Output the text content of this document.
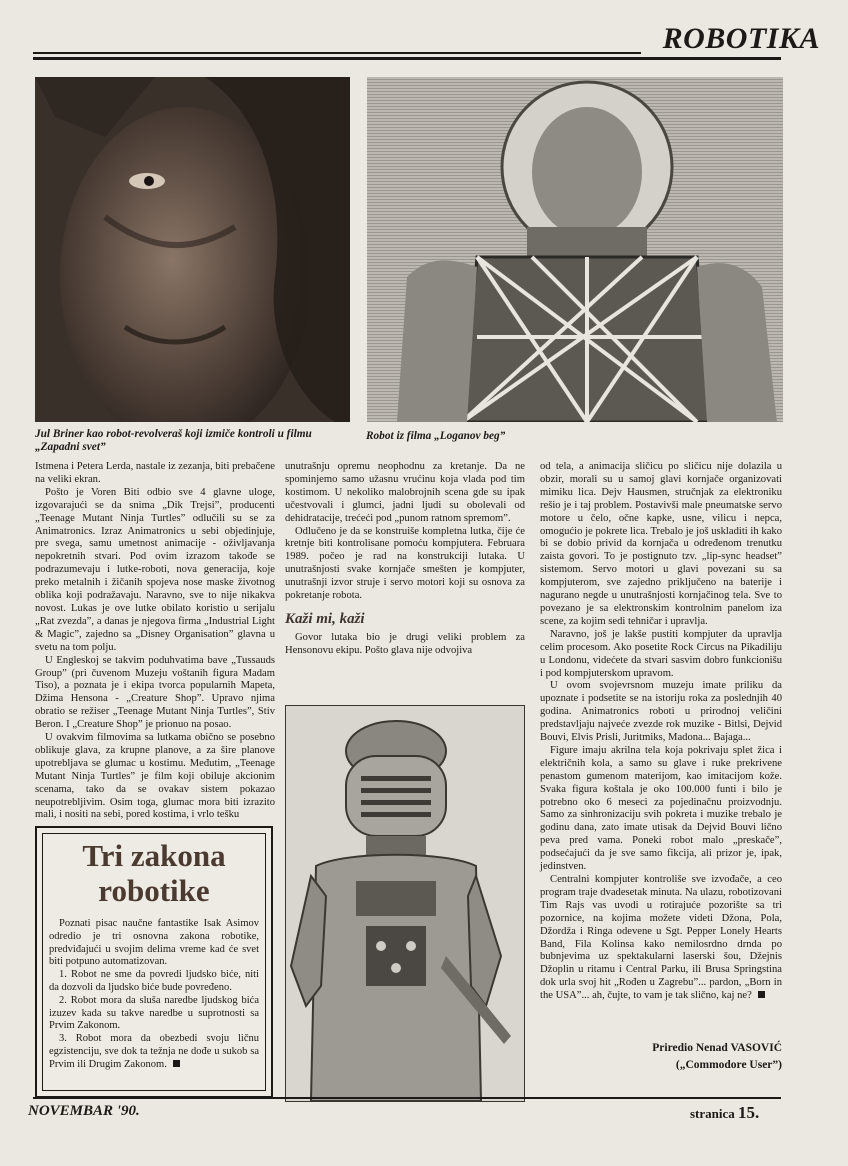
ROBOTIKA
Jul Briner kao robot-revolveraš koji izmiče kontroli u filmu „Zapadni svet”
Robot iz filma „Loganov beg”

Istmena i Petera Lerda, nastale iz zezanja, biti prebačene na veliki ekran.

Pošto je Voren Biti odbio sve 4 glavne uloge, izgovarajući se da snima „Dik Trejsi”, producenti „Teenage Mutant Ninja Turtles” odlučili su se za Animatronics. Izraz Animatronics u sebi objedinjuje, pre svega, samu umetnost animacije - oživljavanja nepokretnih stvari. Pod ovim izrazom takođe se podrazumevaju i lutke-roboti, nova generacija, koje preko metalnih i žičanih spojeva nose maske životnog oblika koji podražavaju. Naravno, sve to nije nikakva novost. Lukas je ove lutke obilato koristio u serijalu „Rat zvezda”, a danas je njegova firma „Industrial Light & Magic”, zajedno sa „Disney Organisation” glavna u svetu na tom polju.

U Engleskoj se takvim poduhvatima bave „Tussauds Group” (pri čuvenom Muzeju voštanih figura Madam Tiso), a poznata je i ekipa tvorca popularnih Mapeta, Džima Hensona - „Creature Shop”. Upravo njima obratio se režiser „Teenage Mutant Ninja Turtles”, Stiv Beron. I „Creature Shop” je prionuo na posao.

U ovakvim filmovima sa lutkama obično se posebno oblikuje glava, za krupne planove, a za šire planove upotrebljava se glumac u kostimu. Međutim, „Teenage Mutant Ninja Turtles” je film koji obiluje akcionim scenama, tako da se ovakav sistem pokazao neupotrebljivim. Osim toga, glumac mora biti izrazito mali, i nositi na sebi, pored kostima, i vrlo tešku

Tri zakona
robotike

Poznati pisac naučne fantastike Isak Asimov odredio je tri osnovna zakona robotike, predviđajući u svojim delima vreme kad će svet biti potpuno automatizovan.

1. Robot ne sme da povredi ljudsko biće, niti da dozvoli da ljudsko biće bude povređeno.

2. Robot mora da sluša naredbe ljudskog bića izuzev kada su takve naredbe u suprotnosti sa Prvim Zakonom.

3. Robot mora da obezbedi svoju ličnu egzistenciju, sve dok ta težnja ne dođe u sukob sa Prvim ili Drugim Zakonom.

unutrašnju opremu neophodnu za kretanje. Da ne spominjemo samo užasnu vrućinu koja vlada pod tim kostimom. U nekoliko malobrojnih scena gde su ipak učestvovali i glumci, jadni ljudi su obolevali od dehidratacije, trećeći pod „punom ratnom spremom”.

Odlučeno je da se konstruiše kompletna lutka, čije će kretnje biti kontrolisane pomoću kompjutera. Februara 1989. počeo je rad na konstrukciji lutaka. U unutrašnjosti svake kornjače smešten je kompjuter, unutrašnji izvor struje i servo motori koji su osnova za pokretanje robota.

Kaži mi, kaži

Govor lutaka bio je drugi veliki problem za Hensonovu ekipu. Pošto glava nije odvojiva

od tela, a animacija sličicu po sličicu nije dolazila u obzir, morali su u samoj glavi kornjače organizovati mimiku lica. Dejv Hausmen, stručnjak za elektroniku rešio je i taj problem. Postavivši male pneumatske servo motore u čelo, očne kapke, usne, vilicu i nepca, omogućio je pokrete lica. Trebalo je još uskladiti ih kako bi se dobio privid da kornjača u određenom trenutku zaista govori. To je postignuto tzv. „lip-sync headset” sistemom. Servo motori u glavi povezani su sa kompjuterom, sve zajedno priključeno na baterije i nagurano negde u unutrašnjosti kornjačinog tela. Sve to povezano je sa elektronskim kontrolnim panelom iza scene, za kojim sedi tehničar i upravlja.

Naravno, još je lakše pustiti kompjuter da upravlja celim procesom. Ako posetite Rock Circus na Pikadiliju u Londonu, videćete da stvari sasvim dobro funkcionišu i pod kompjuterskom upravom.

U ovom svojevrsnom muzeju imate priliku da upoznate i podsetite se na istoriju roka za poslednjih 40 godina. Animatronics roboti u prirodnoj veličini predstavljaju najveće zvezde rok muzike - Bitlsi, Dejvid Bouvi, Elvis Prisli, Juritmiks, Madona... Bajaga...

Figure imaju akrilna tela koja pokrivaju splet žica i električnih kola, a samo su glave i ruke prekrivene penastom gumenom materijom, kao imitacijom kože. Svaka figura koštala je oko 100.000 funti i bilo je potrebno oko 6 meseci za pojedinačnu proizvodnju. Samo za sinhronizaciju svih pokreta i muzike trebalo je godinu dana, zato imate utisak da Dejvid Bouvi lično peva pred vama. Poneki robot malo „preskače”, podsećajući da je sve samo fikcija, ali prizor je, ipak, jedinstven.

Centralni kompjuter kontroliše sve izvođače, a ceo program traje dvadesetak minuta. Na ulazu, robotizovani Tim Rajs vas uvodi u rotirajuće pozorište sa tri pozornice, na kojima možete videti Džona, Pola, Džordža i Ringa odevene u Sgt. Pepper Lonely Hearts Band, Fila Kolinsa kako nemilosrdno drnda po bubnjevima uz spektakularni laserski šou, Džejnis Džoplin u ritamu i Central Parku, ili Brusa Springstina dok urla svoj hit „Rođen u Zagrebu”... pardon, „Born in the USA”... ah, čujte, to vam je tak slično, kaj ne?

Priredio Nenad VASOVIĆ
(„Commodore User”)
NOVEMBAR '90.	stranica 15.
